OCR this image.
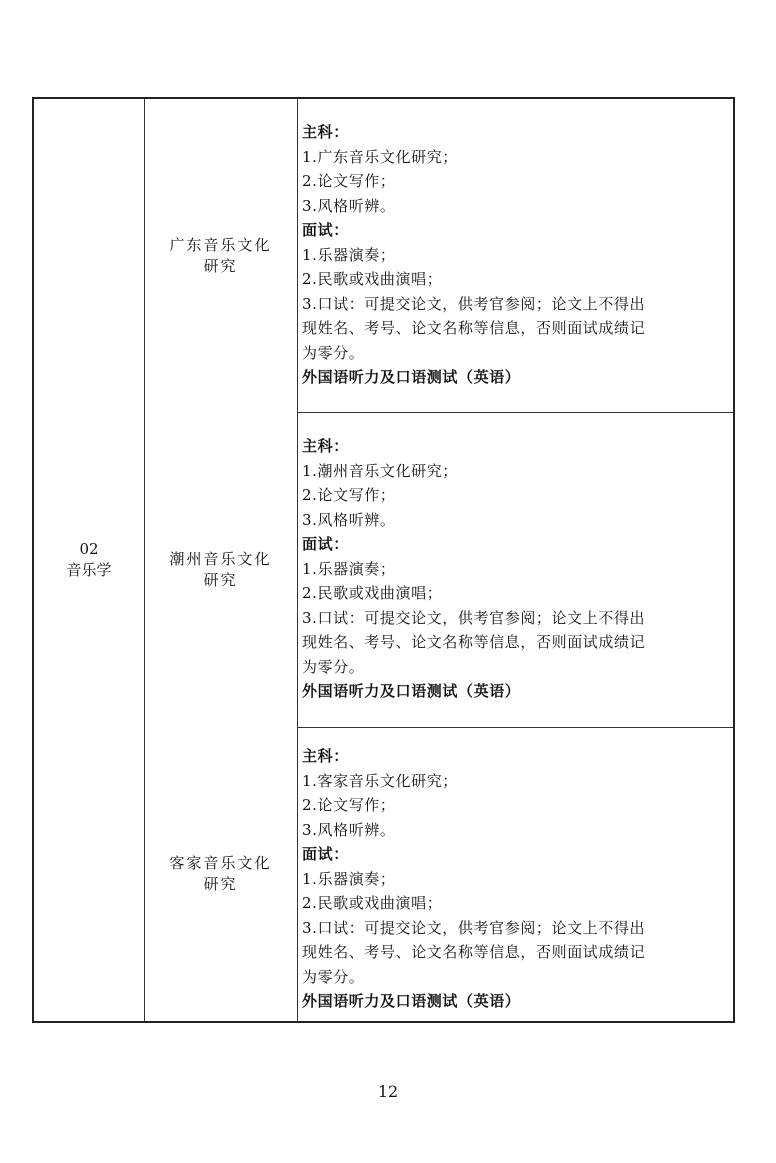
02
音乐学
广东音乐文化
研究
主科：
1.广东音乐文化研究；
2.论文写作；
3.风格听辨。
面试：
1.乐器演奏；
2.民歌或戏曲演唱；
3.口试：可提交论文，供考官参阅；论文上不得出
现姓名、考号、论文名称等信息，否则面试成绩记
为零分。
外国语听力及口语测试（英语）
潮州音乐文化
研究
主科：
1.潮州音乐文化研究；
2.论文写作；
3.风格听辨。
面试：
1.乐器演奏；
2.民歌或戏曲演唱；
3.口试：可提交论文，供考官参阅；论文上不得出
现姓名、考号、论文名称等信息，否则面试成绩记
为零分。
外国语听力及口语测试（英语）
客家音乐文化
研究
主科：
1.客家音乐文化研究；
2.论文写作；
3.风格听辨。
面试：
1.乐器演奏；
2.民歌或戏曲演唱；
3.口试：可提交论文，供考官参阅；论文上不得出
现姓名、考号、论文名称等信息，否则面试成绩记
为零分。
外国语听力及口语测试（英语）
12
